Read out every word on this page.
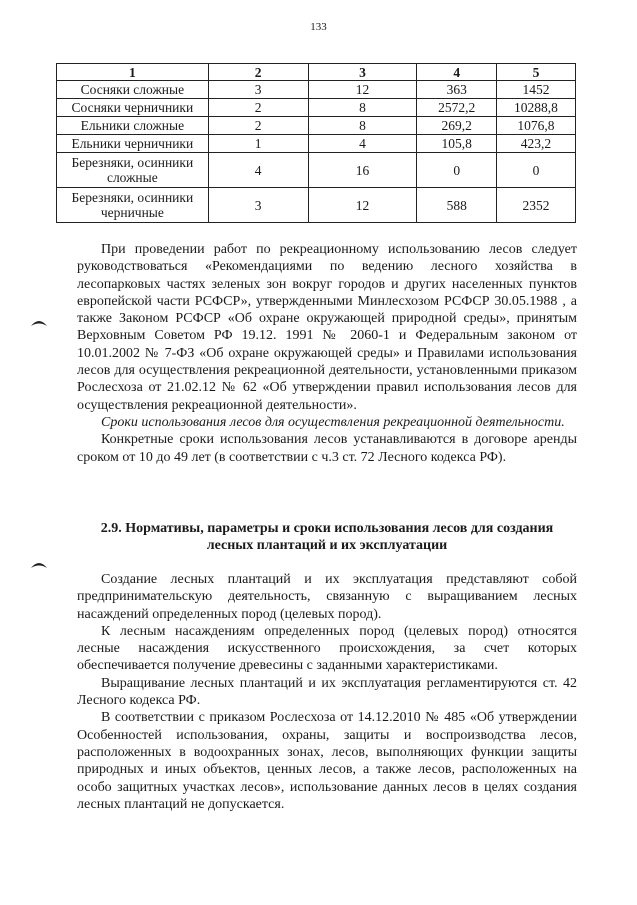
133
1	2	3	4	5
Сосняки сложные	3	12	363	1452
Сосняки черничники	2	8	2572,2	10288,8
Ельники сложные	2	8	269,2	1076,8
Ельники черничники	1	4	105,8	423,2
Березняки, осинники сложные	4	16	0	0
Березняки, осинники черничные	3	12	588	2352

При проведении работ по рекреационному использованию лесов следует руководствоваться «Рекомендациями по ведению лесного хозяйства в лесопарковых частях зеленых зон вокруг городов и других населенных пунктов европейской части РСФСР», утвержденными Минлесхозом РСФСР 30.05.1988 , а также Законом РСФСР «Об охране окружающей природной среды», принятым Верховным Советом РФ 19.12. 1991 № 2060-1 и Федеральным законом от 10.01.2002 № 7-ФЗ «Об охране окружающей среды» и Правилами использования лесов для осуществления рекреационной деятельности, установленными приказом Рослесхоза от 21.02.12 № 62 «Об утверждении правил использования лесов для осуществления рекреационной деятельности».

Сроки использования лесов для осуществления рекреационной деятельности.

Конкретные сроки использования лесов устанавливаются в договоре аренды сроком от 10 до 49 лет (в соответствии с ч.3 ст. 72 Лесного кодекса РФ).

2.9. Нормативы, параметры и сроки использования лесов для создания
лесных плантаций и их эксплуатации

Создание лесных плантаций и их эксплуатация представляют собой предпринимательскую деятельность, связанную с выращиванием лесных насаждений определенных пород (целевых пород).

К лесным насаждениям определенных пород (целевых пород) относятся лесные насаждения искусственного происхождения, за счет которых обеспечивается получение древесины с заданными характеристиками.

Выращивание лесных плантаций и их эксплуатация регламентируются ст. 42 Лесного кодекса РФ.

В соответствии с приказом Рослесхоза от 14.12.2010 № 485 «Об утверждении Особенностей использования, охраны, защиты и воспроизводства лесов, расположенных в водоохранных зонах, лесов, выполняющих функции защиты природных и иных объектов, ценных лесов, а также лесов, расположенных на особо защитных участках лесов», использование данных лесов в целях создания лесных плантаций не допускается.
